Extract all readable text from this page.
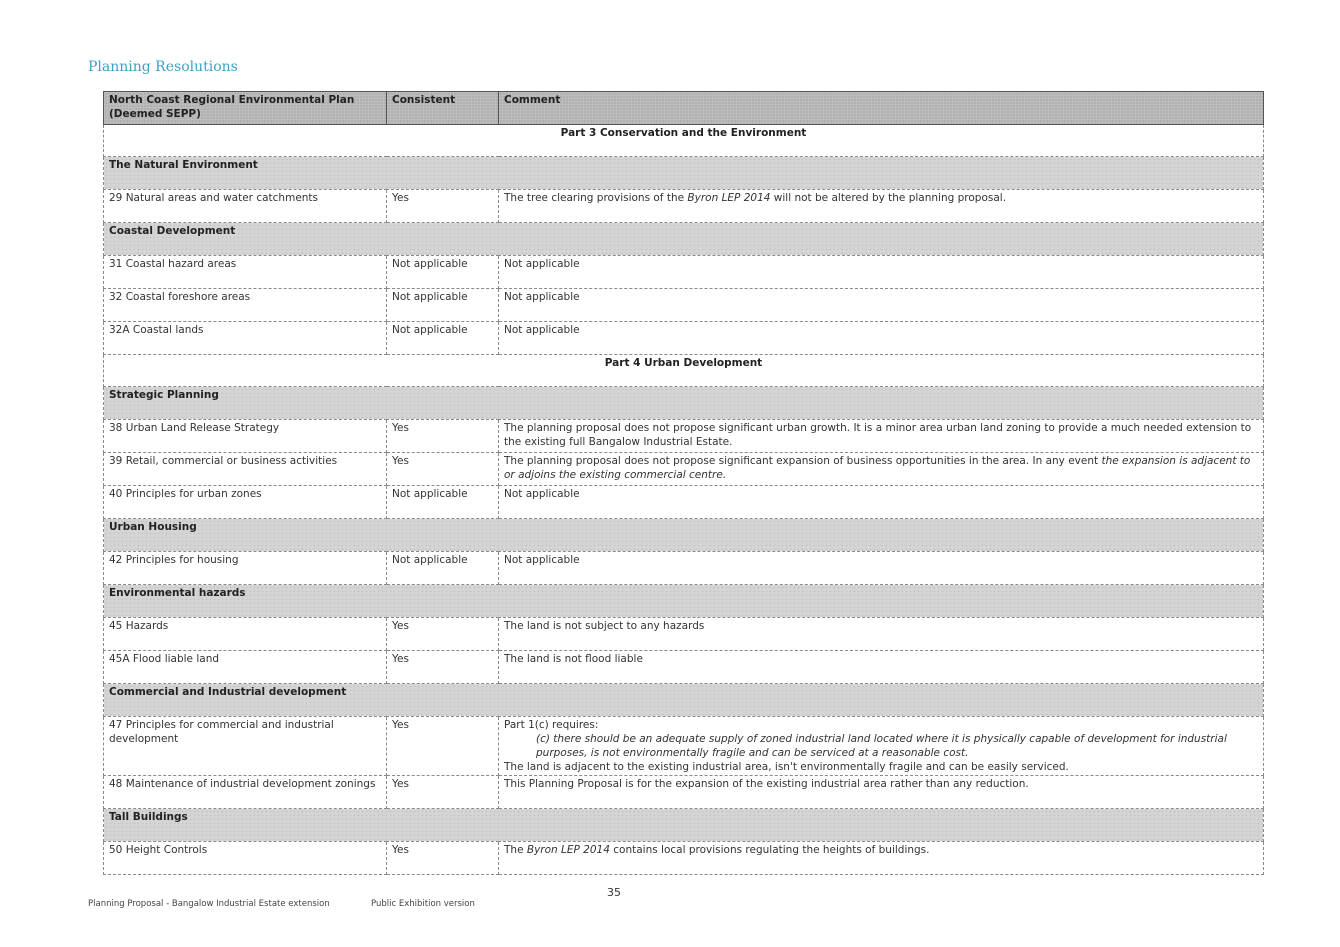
Planning Resolutions
North Coast Regional Environmental Plan (Deemed SEPP)	Consistent	Comment
Part 3 Conservation and the Environment		
The Natural Environment		
29 Natural areas and water catchments	Yes	The tree clearing provisions of the Byron LEP 2014 will not be altered by the planning proposal.
Coastal Development		
31 Coastal hazard areas	Not applicable	Not applicable
32 Coastal foreshore areas	Not applicable	Not applicable
32A Coastal lands	Not applicable	Not applicable
Part 4 Urban Development		
Strategic Planning		
38 Urban Land Release Strategy	Yes	The planning proposal does not propose significant urban growth. It is a minor area urban land zoning to provide a much needed extension to the existing full Bangalow Industrial Estate.
39 Retail, commercial or business activities	Yes	The planning proposal does not propose significant expansion of business opportunities in the area. In any event the expansion is adjacent to or adjoins the existing commercial centre.
40 Principles for urban zones	Not applicable	Not applicable
Urban Housing		
42 Principles for housing	Not applicable	Not applicable
Environmental hazards		
45 Hazards	Yes	The land is not subject to any hazards
45A Flood liable land	Yes	The land is not flood liable
Commercial and Industrial development		
47 Principles for commercial and industrial development	Yes	Part 1(c) requires:
(c) there should be an adequate supply of zoned industrial land located where it is physically capable of development for industrial purposes, is not environmentally fragile and can be serviced at a reasonable cost.
The land is adjacent to the existing industrial area, isn't environmentally fragile and can be easily serviced.

48 Maintenance of industrial development zonings	Yes	This Planning Proposal is for the expansion of the existing industrial area rather than any reduction.
Tall Buildings		
50 Height Controls	Yes	The Byron LEP 2014 contains local provisions regulating the heights of buildings.
35
Planning Proposal - Bangalow Industrial Estate extension	Public Exhibition version
